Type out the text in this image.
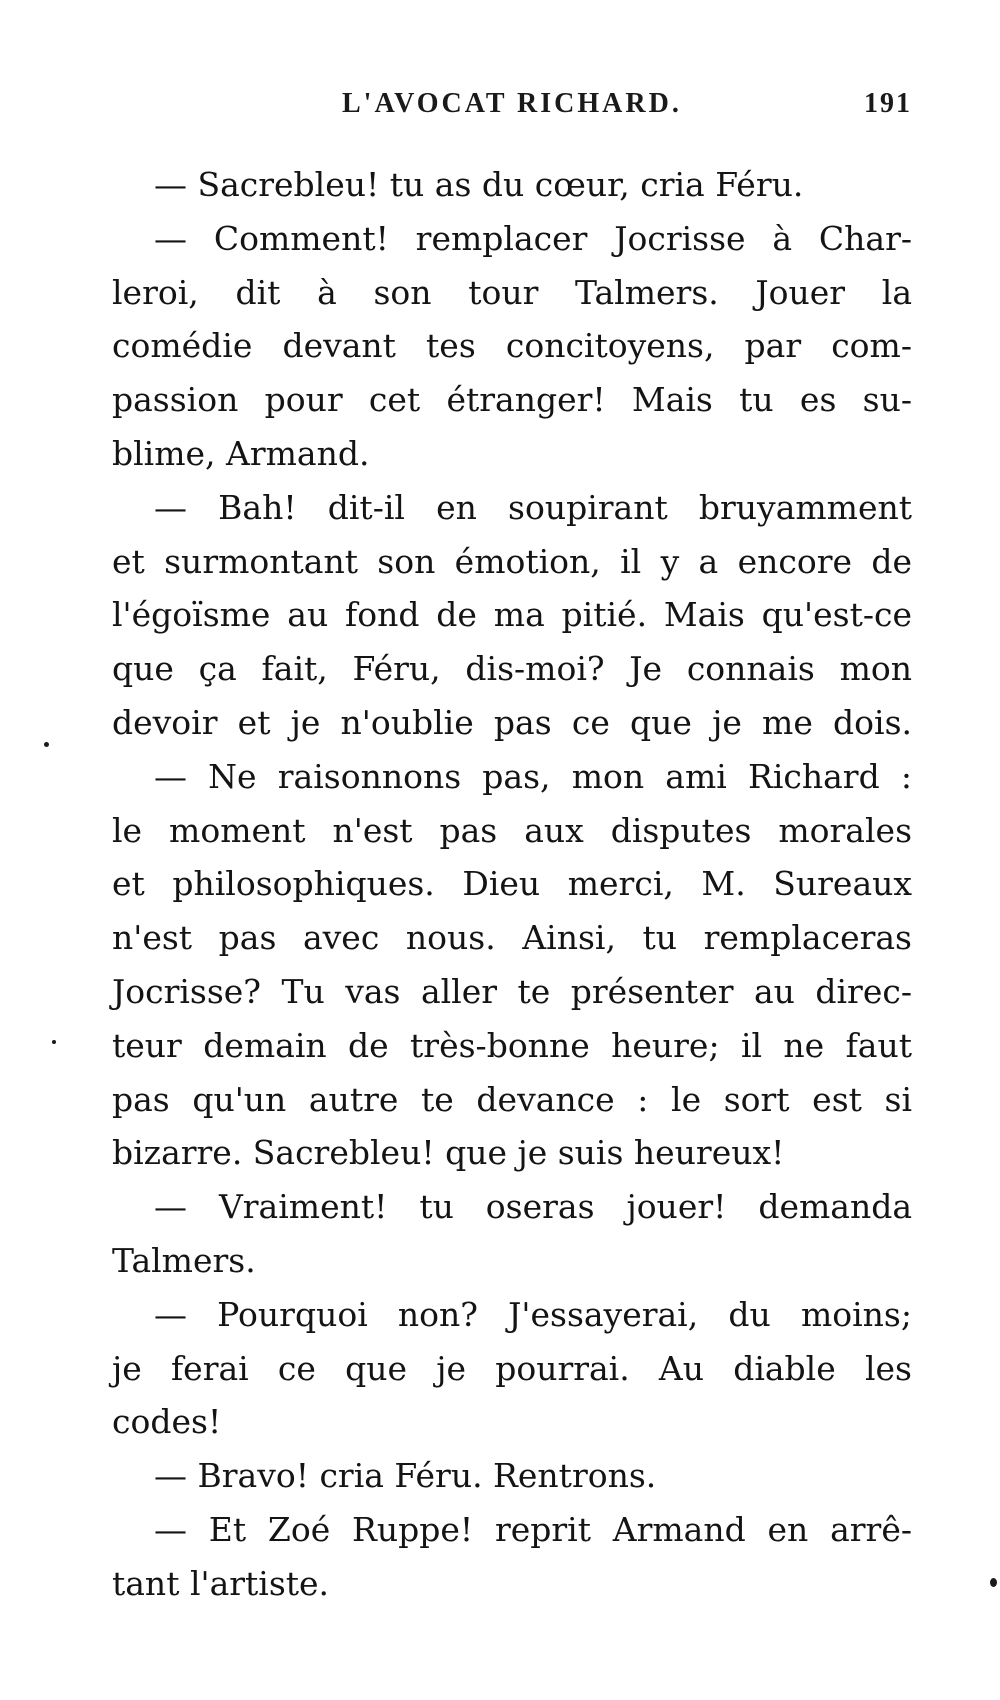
L'AVOCAT RICHARD.	191
— Sacrebleu! tu as du cœur, cria Féru.
— Comment! remplacer Jocrisse à Char-
leroi, dit à son tour Talmers. Jouer la
comédie devant tes concitoyens, par com-
passion pour cet étranger! Mais tu es su-
blime, Armand.
— Bah! dit-il en soupirant bruyamment
et surmontant son émotion, il y a encore de
l'égoïsme au fond de ma pitié. Mais qu'est-ce
que ça fait, Féru, dis-moi? Je connais mon
devoir et je n'oublie pas ce que je me dois.
— Ne raisonnons pas, mon ami Richard :
le moment n'est pas aux disputes morales
et philosophiques. Dieu merci, M. Sureaux
n'est pas avec nous. Ainsi, tu remplaceras
Jocrisse? Tu vas aller te présenter au direc-
teur demain de très-bonne heure; il ne faut
pas qu'un autre te devance : le sort est si
bizarre. Sacrebleu! que je suis heureux!
— Vraiment! tu oseras jouer! demanda
Talmers.
— Pourquoi non? J'essayerai, du moins;
je ferai ce que je pourrai. Au diable les
codes!
— Bravo! cria Féru. Rentrons.
— Et Zoé Ruppe! reprit Armand en arrê-
tant l'artiste.
